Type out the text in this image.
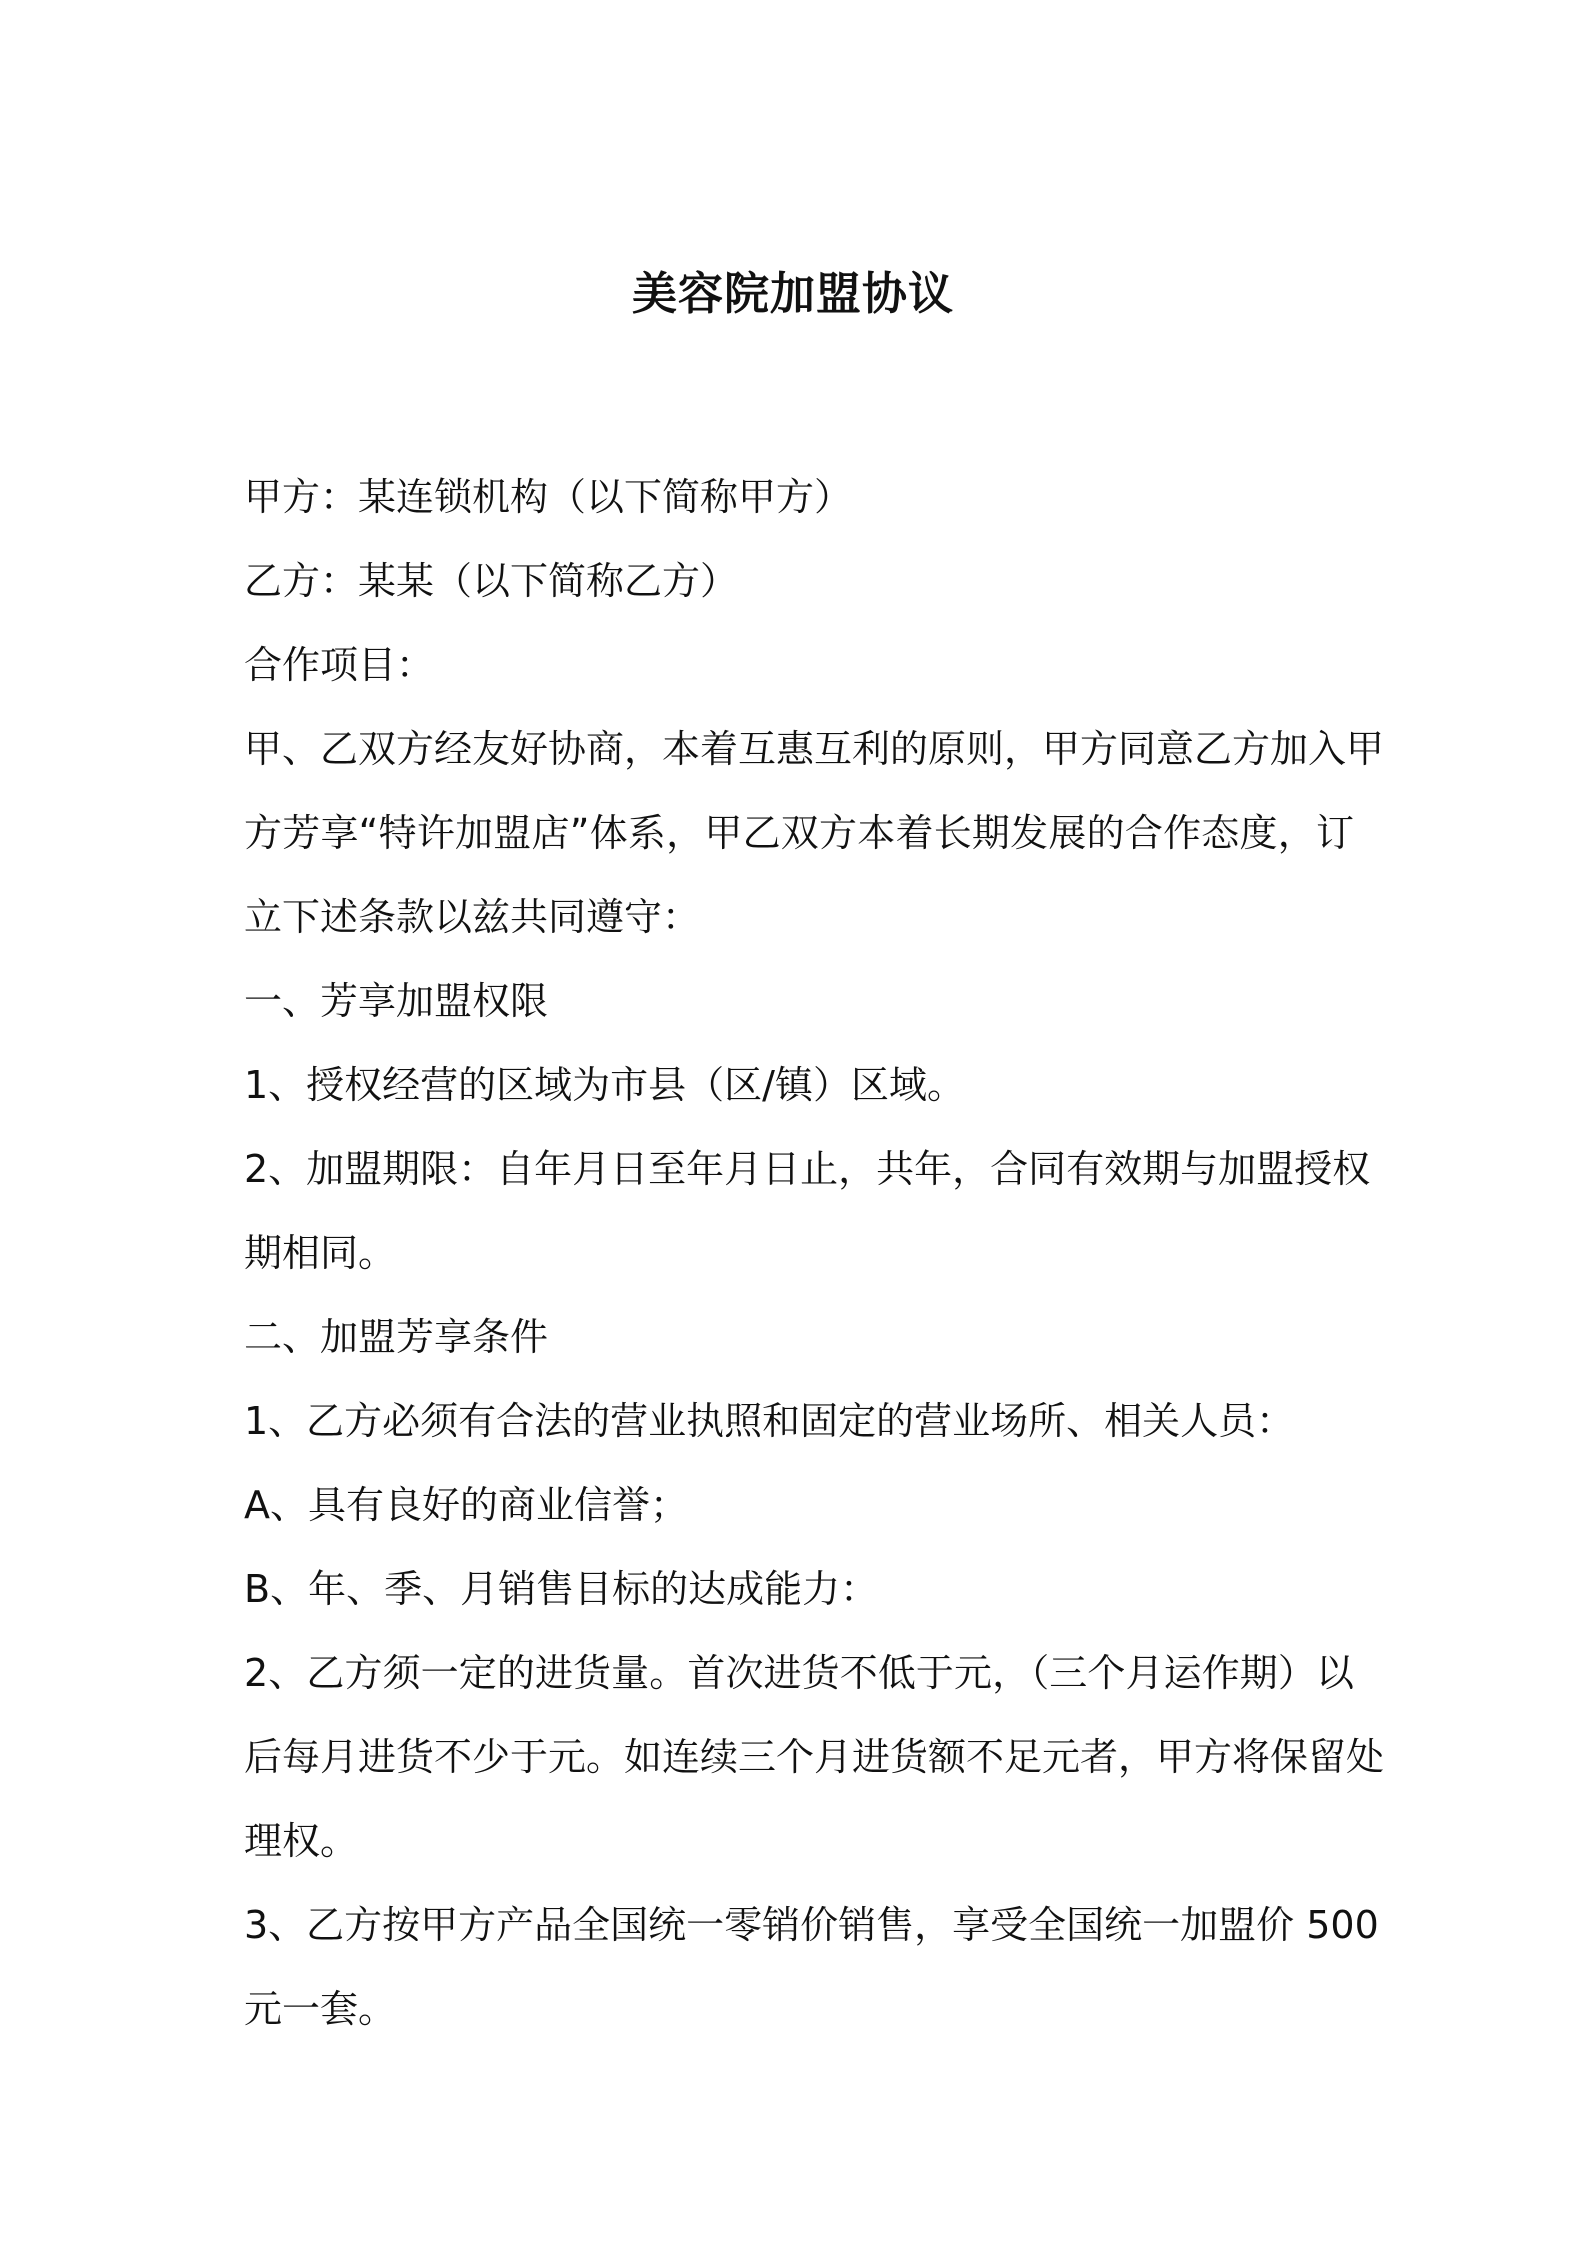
美容院加盟协议

甲方：某连锁机构（以下简称甲方）

乙方：某某（以下简称乙方）

合作项目：

甲、乙双方经友好协商，本着互惠互利的原则，甲方同意乙方加入甲

方芳享“特许加盟店”体系，甲乙双方本着长期发展的合作态度，订

立下述条款以兹共同遵守：

一、芳享加盟权限

1、授权经营的区域为市县（区/镇）区域。

2、加盟期限：自年月日至年月日止，共年，合同有效期与加盟授权

期相同。

二、加盟芳享条件

1、乙方必须有合法的营业执照和固定的营业场所、相关人员：

A、具有良好的商业信誉；

B、年、季、月销售目标的达成能力：

2、乙方须一定的进货量。首次进货不低于元，（三个月运作期）以

后每月进货不少于元。如连续三个月进货额不足元者，甲方将保留处

理权。

3、乙方按甲方产品全国统一零销价销售，享受全国统一加盟价 500

元一套。
